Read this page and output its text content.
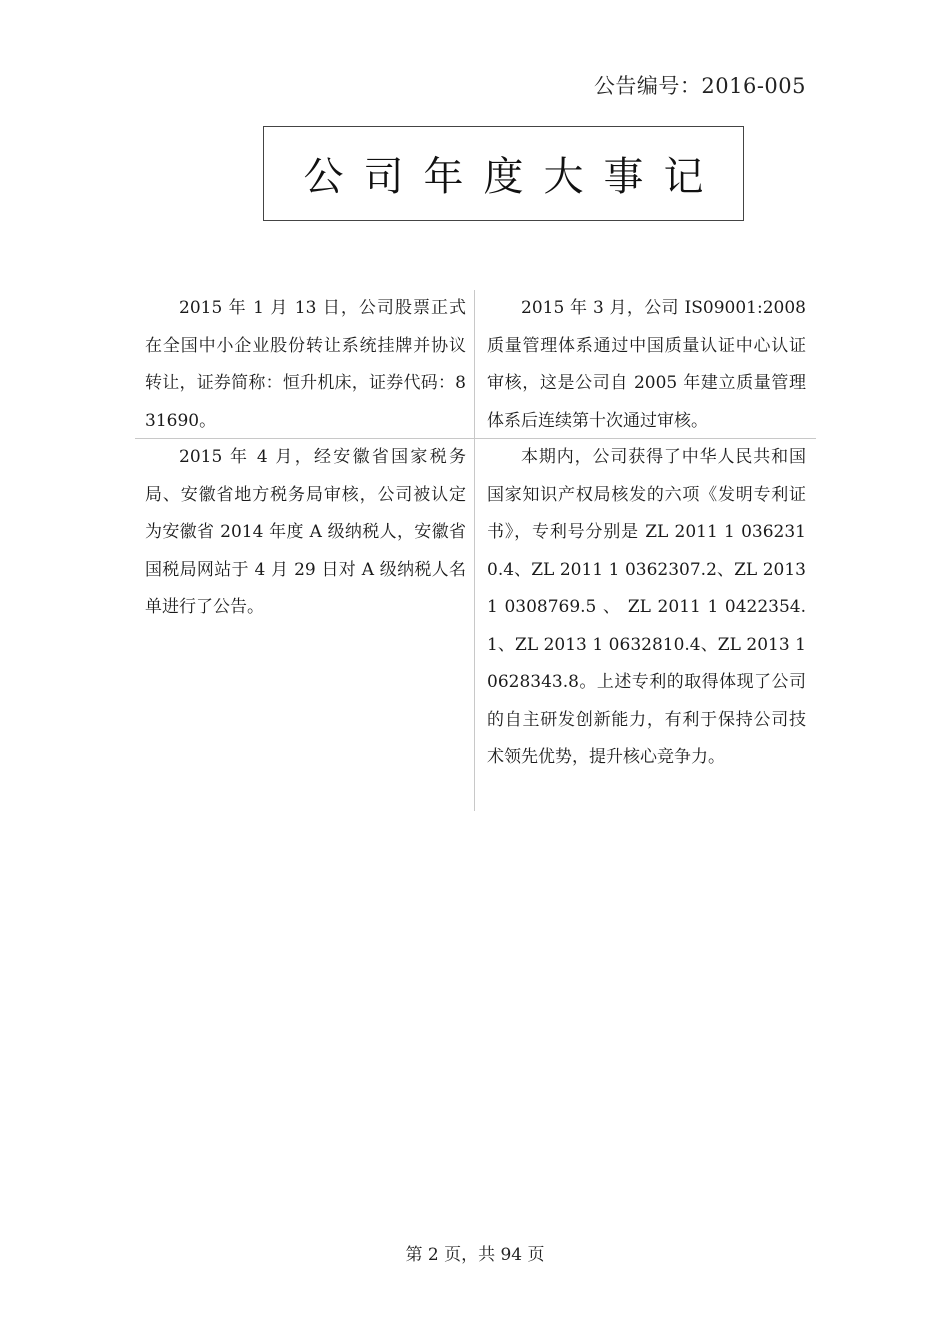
公告编号：2016-005
公司年度大事记
2015 年 1 月 13 日，公司股票正式在全国中小企业股份转让系统挂牌并协议转让，证券简称：恒升机床，证券代码：831690。
2015 年 3 月，公司 IS09001:2008 质量管理体系通过中国质量认证中心认证审核，这是公司自 2005 年建立质量管理体系后连续第十次通过审核。
2015 年 4 月，经安徽省国家税务局、安徽省地方税务局审核，公司被认定为安徽省 2014 年度 A 级纳税人，安徽省国税局网站于 4 月 29 日对 A 级纳税人名单进行了公告。
本期内，公司获得了中华人民共和国国家知识产权局核发的六项《发明专利证书》，专利号分别是 ZL 2011 1 0362310.4、ZL 2011 1 0362307.2、ZL 2013 1 0308769.5 、 ZL 2011 1 0422354.1、ZL 2013 1 0632810.4、ZL 2013 1 0628343.8。上述专利的取得体现了公司的自主研发创新能力，有利于保持公司技术领先优势，提升核心竞争力。
第 2 页，共 94 页
